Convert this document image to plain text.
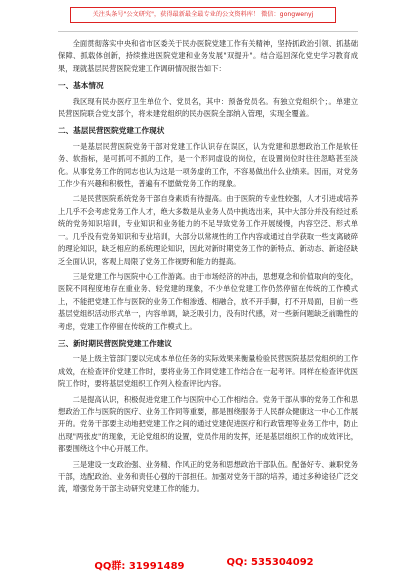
关注头条号"公文研究"，获得最新最全最专业的公文资料库！ 微信：gongwenyj

全面贯彻落实中央和省市区委关于民办医院党建工作有关精神，坚持抓政治引领、抓基础保障、抓载体创新，持续推进医院党建和业务发展"双提升"。结合巡回深化党史学习教育成果，现就基层民营医院党建工作调研情况报告如下：

一、基本情况

我区现有民办医疗卫生单位个、党员名，其中：预备党员名。有独立党组织个；。单建立民营医院联合党支部个，将未建党组织的民办医院全部纳入管理，实现全覆盖。

二、基层民营医院党建工作现状

一是基层民营医院党务干部对党建工作认识存在误区，认为党建和思想政治工作是软任务、软指标，是可抓可不抓的工作，是一个形同虚设的岗位，在设置岗位时往往忽略甚至淡化。从事党务工作的同志也认为这是一项务虚的工作，不容易做出什么业绩来。因而，对党务工作少有兴趣和积极性，普遍有不愿做党务工作的现象。

二是民营医院系统党务干部自身素质有待提高。由于医院的专业性较强，人才引进或培养上几乎不会考虑党务工作人才，绝大多数是从业务人员中挑选出来，其中大部分并没有经过系统的党务知识培训，专业知识和业务能力的不足导致党务工作开展缓慢，内容空泛、形式单一。几乎没有党务知识和专业培训，大部分以常规性的工作内容或通过自学获取一些支离破碎的理论知识，缺乏相应的系统理论知识，因此对新时期党务工作的新特点、新动态、新途径缺乏全面认识，客观上局限了党务工作视野和能力的提高。

三是党建工作与医院中心工作游离。由于市场经济的冲击，思想观念和价值取向的变化，医院不同程度地存在重业务、轻党建的现象，不少单位党建工作仍然停留在传统的工作模式上，不能把党建工作与医院的业务工作相渗透、相融合，放不开手脚，打不开局面，目前一些基层党组织活动形式单一，内容单调，缺乏吸引力，没有时代感，对一些新问题缺乏前瞻性的考虑，党建工作停留在传统的工作模式上。

三、新时期民营医院党建工作建议

一是上级主管部门要以完成本单位任务的实际效果来衡量检验民营医院基层党组织的工作成效，在检查评价党建工作时，要将业务工作同党建工作结合在一起考评。同样在检查评优医院工作时，要将基层党组织工作列入检查评比内容。

二是提高认识，积极促进党建工作与医院中心工作相结合。党务干部从事的党务工作和思想政治工作与医院的医疗、业务工作同等重要，都是围绕服务于人民群众健康这一中心工作展开的。党务干部要主动地把党建工作之间的通过党建促进医疗和行政管理等业务工作中，防止出现"两张皮"的现象，无论党组织的设置，党员作用的发挥，还是基层组织工作的成效评比，都要围绕这个中心开展工作。

三是建设一支政治强、业务精、作风正的党务和思想政治干部队伍。配备好专、兼职党务干部，选配政治、业务和责任心强的干部担任。加强对党务干部的培养，通过多种途径广泛交流，增强党务干部主动研究党建工作的能力。

QQ群: 31991489	QQ: 535304092
